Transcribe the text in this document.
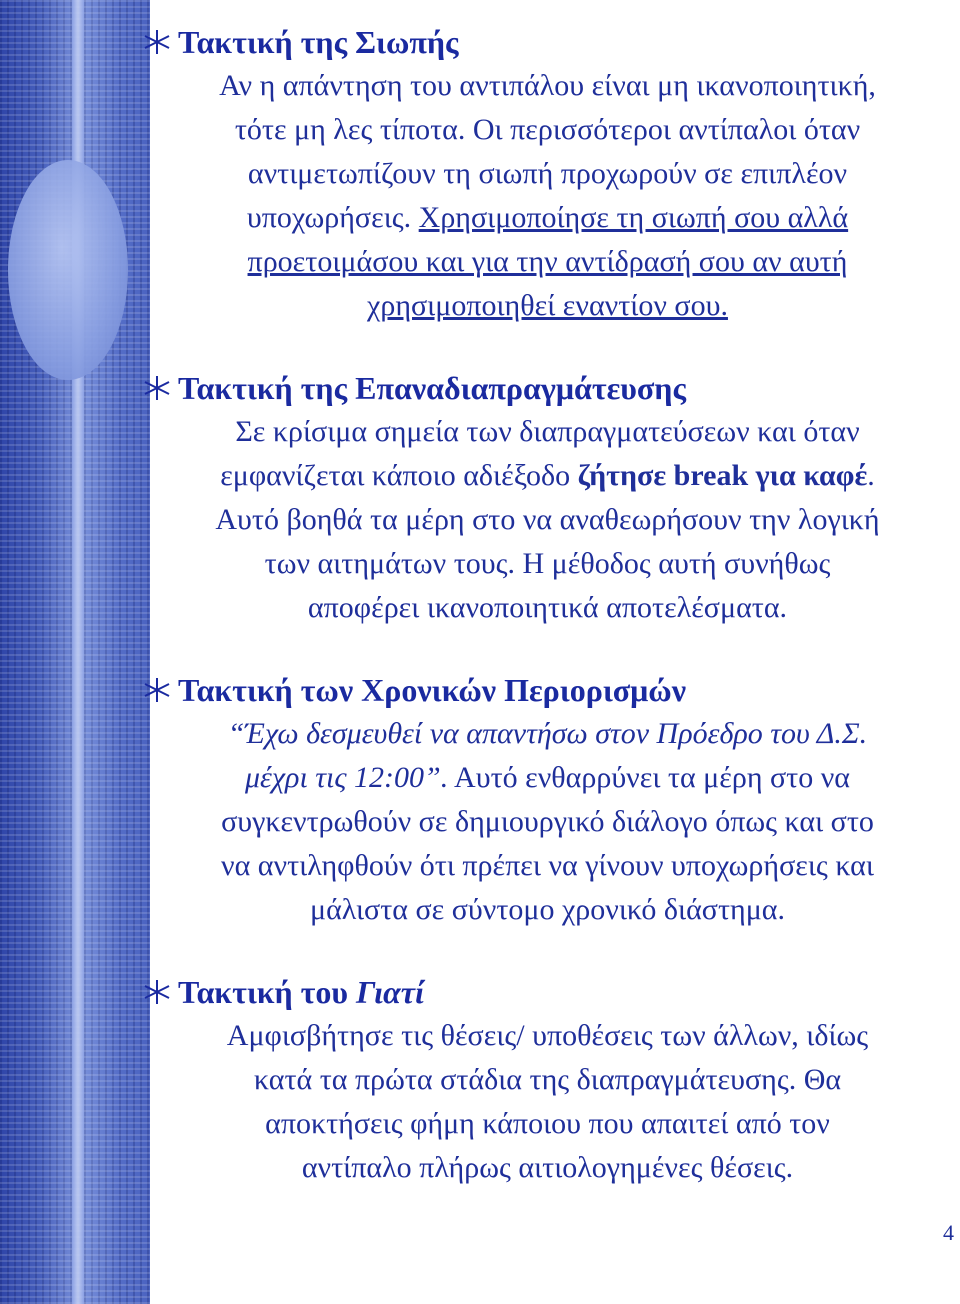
Τακτική της Σιωπής
Αν η απάντηση του αντιπάλου είναι μη ικανοποιητική,
τότε μη λες τίποτα. Οι περισσότεροι αντίπαλοι όταν
αντιμετωπίζουν τη σιωπή προχωρούν σε επιπλέον
υποχωρήσεις. Χρησιμοποίησε τη σιωπή σου αλλά
προετοιμάσου και για την αντίδρασή σου αν αυτή
χρησιμοποιηθεί εναντίον σου.
Τακτική της Επαναδιαπραγμάτευσης
Σε κρίσιμα σημεία των διαπραγματεύσεων και όταν
εμφανίζεται κάποιο αδιέξοδο ζήτησε break για καφέ.
Αυτό βοηθά τα μέρη στο να αναθεωρήσουν την λογική
των αιτημάτων τους. Η μέθοδος αυτή συνήθως
αποφέρει ικανοποιητικά αποτελέσματα.
Τακτική των Χρονικών Περιορισμών
“Έχω δεσμευθεί να απαντήσω στον Πρόεδρο του Δ.Σ.
μέχρι τις 12:00”. Αυτό ενθαρρύνει τα μέρη στο να
συγκεντρωθούν σε δημιουργικό διάλογο όπως και στο
να αντιληφθούν ότι πρέπει να γίνουν υποχωρήσεις και
μάλιστα σε σύντομο χρονικό διάστημα.
Τακτική του Γιατί
Αμφισβήτησε τις θέσεις/ υποθέσεις των άλλων, ιδίως
κατά τα πρώτα στάδια της διαπραγμάτευσης. Θα
αποκτήσεις φήμη κάποιου που απαιτεί από τον
αντίπαλο πλήρως αιτιολογημένες θέσεις.
4
